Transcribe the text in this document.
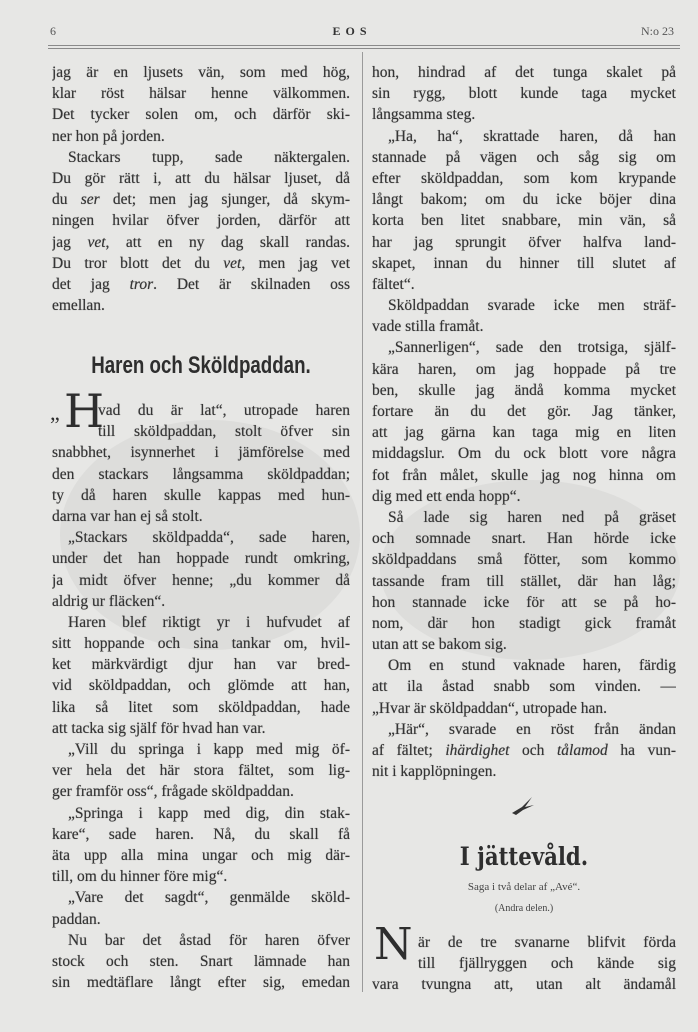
6	E O S	N:o 23
jag är en ljusets vän, som med hög,
klar röst hälsar henne välkommen.
Det tycker solen om, och därför ski-
ner hon på jorden.
Stackars tupp, sade näktergalen.
Du gör rätt i, att du hälsar ljuset, då
du ser det; men jag sjunger, då skym-
ningen hvilar öfver jorden, därför att
jag vet, att en ny dag skall randas.
Du tror blott det du vet, men jag vet
det jag tror. Det är skilnaden oss
emellan.
Haren och Sköldpaddan.
„ H
vad du är lat“, utropade haren
till sköldpaddan, stolt öfver sin
snabbhet, isynnerhet i jämförelse med
den stackars långsamma sköldpaddan;
ty då haren skulle kappas med hun-
darna var han ej så stolt.
„Stackars sköldpadda“, sade haren,
under det han hoppade rundt omkring,
ja midt öfver henne; „du kommer då
aldrig ur fläcken“.
Haren blef riktigt yr i hufvudet af
sitt hoppande och sina tankar om, hvil-
ket märkvärdigt djur han var bred-
vid sköldpaddan, och glömde att han,
lika så litet som sköldpaddan, hade
att tacka sig själf för hvad han var.
„Vill du springa i kapp med mig öf-
ver hela det här stora fältet, som lig-
ger framför oss“, frågade sköldpaddan.
„Springa i kapp med dig, din stak-
kare“, sade haren. Nå, du skall få
äta upp alla mina ungar och mig där-
till, om du hinner före mig“.
„Vare det sagdt“, genmälde sköld-
paddan.
Nu bar det åstad för haren öfver
stock och sten. Snart lämnade han
sin medtäflare långt efter sig, emedan
hon, hindrad af det tunga skalet på
sin rygg, blott kunde taga mycket
långsamma steg.
„Ha, ha“, skrattade haren, då han
stannade på vägen och såg sig om
efter sköldpaddan, som kom krypande
långt bakom; om du icke böjer dina
korta ben litet snabbare, min vän, så
har jag sprungit öfver halfva land-
skapet, innan du hinner till slutet af
fältet“.
Sköldpaddan svarade icke men sträf-
vade stilla framåt.
„Sannerligen“, sade den trotsiga, själf-
kära haren, om jag hoppade på tre
ben, skulle jag ändå komma mycket
fortare än du det gör. Jag tänker,
att jag gärna kan taga mig en liten
middagslur. Om du ock blott vore några
fot från målet, skulle jag nog hinna om
dig med ett enda hopp“.
Så lade sig haren ned på gräset
och somnade snart. Han hörde icke
sköldpaddans små fötter, som kommo
tassande fram till stället, där han låg;
hon stannade icke för att se på ho-
nom, där hon stadigt gick framåt
utan att se bakom sig.
Om en stund vaknade haren, färdig
att ila åstad snabb som vinden. —
„Hvar är sköldpaddan“, utropade han.
„Här“, svarade en röst från ändan
af fältet; ihärdighet och tålamod ha vun-
nit i kapplöpningen.
I jättevåld.
Saga i två delar af „Avé“.
(Andra delen.)
N är de tre svanarne blifvit förda
till fjällryggen och kände sig
vara tvungna att, utan alt ändamål
